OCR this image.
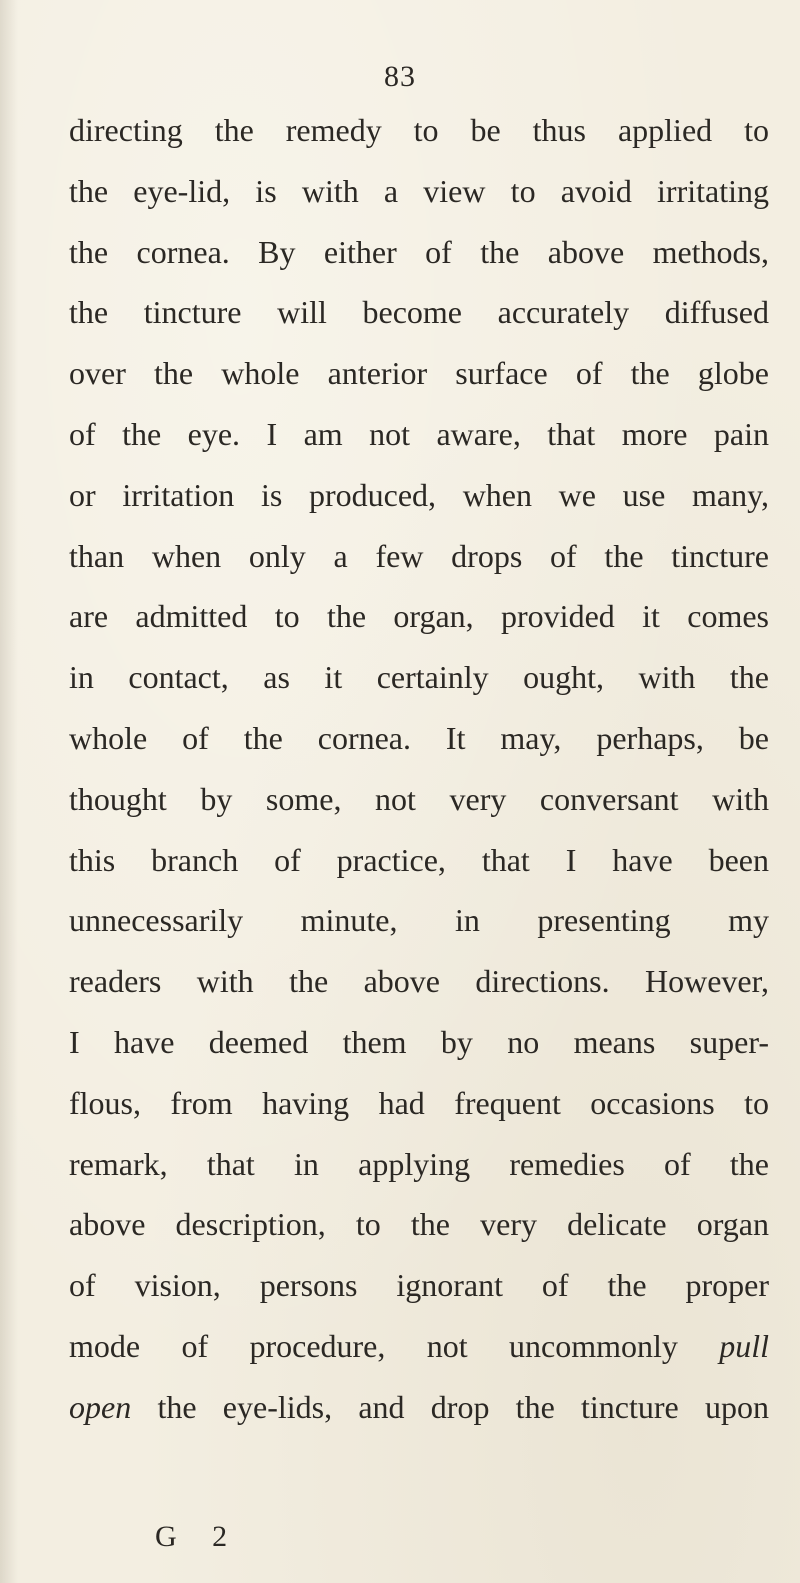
83
directing the remedy to be thus applied to
the eye-lid, is with a view to avoid irritating
the cornea. By either of the above methods,
the tincture will become accurately diffused
over the whole anterior surface of the globe
of the eye. I am not aware, that more pain
or irritation is produced, when we use many,
than when only a few drops of the tincture
are admitted to the organ, provided it comes
in contact, as it certainly ought, with the
whole of the cornea. It may, perhaps, be
thought by some, not very conversant with
this branch of practice, that I have been
unnecessarily minute, in presenting my
readers with the above directions. However,
I have deemed them by no means super-
flous, from having had frequent occasions to
remark, that in applying remedies of the
above description, to the very delicate organ
of vision, persons ignorant of the proper
mode of procedure, not uncommonly pull
open the eye-lids, and drop the tincture upon
G 2
